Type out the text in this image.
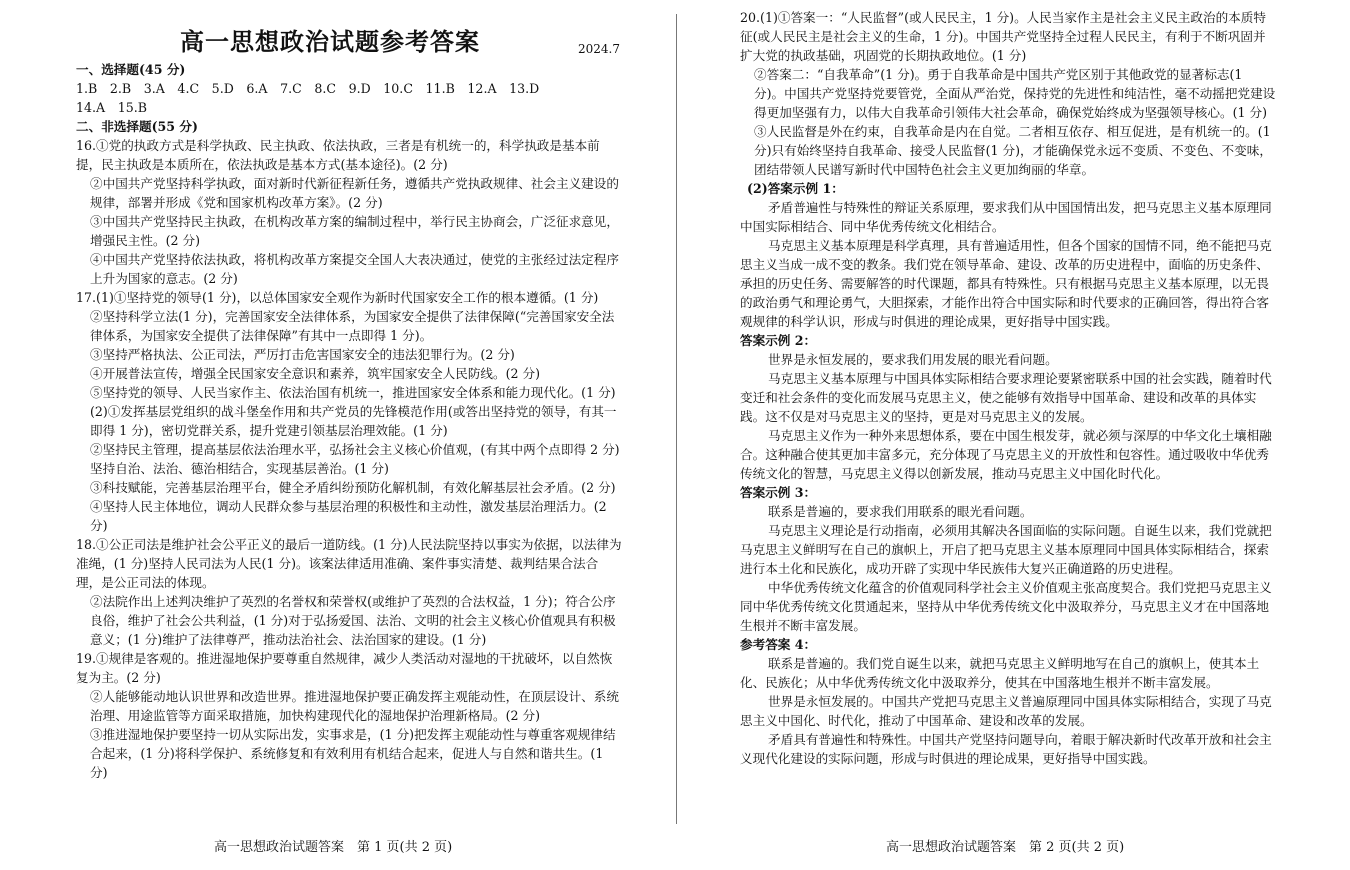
高一思想政治试题参考答案	2024.7
一、选择题(45 分)
1.B　2.B　3.A　4.C　5.D　6.A　7.C　8.C　9.D　10.C　11.B　12.A　13.D
14.A　15.B
二、非选择题(55 分)
16.①党的执政方式是科学执政、民主执政、依法执政，三者是有机统一的，科学执政是基本前提，民主执政是本质所在，依法执政是基本方式(基本途径)。(2 分)
②中国共产党坚持科学执政，面对新时代新征程新任务，遵循共产党执政规律、社会主义建设的规律，部署并形成《党和国家机构改革方案》。(2 分)
③中国共产党坚持民主执政，在机构改革方案的编制过程中，举行民主协商会，广泛征求意见，增强民主性。(2 分)
④中国共产党坚持依法执政，将机构改革方案提交全国人大表决通过，使党的主张经过法定程序上升为国家的意志。(2 分)
17.(1)①坚持党的领导(1 分)，以总体国家安全观作为新时代国家安全工作的根本遵循。(1 分)
②坚持科学立法(1 分)，完善国家安全法律体系，为国家安全提供了法律保障(“完善国家安全法律体系，为国家安全提供了法律保障”有其中一点即得 1 分)。
③坚持严格执法、公正司法，严厉打击危害国家安全的违法犯罪行为。(2 分)
④开展普法宣传，增强全民国家安全意识和素养，筑牢国家安全人民防线。(2 分)
⑤坚持党的领导、人民当家作主、依法治国有机统一，推进国家安全体系和能力现代化。(1 分)
(2)①发挥基层党组织的战斗堡垒作用和共产党员的先锋模范作用(或答出坚持党的领导，有其一即得 1 分)，密切党群关系，提升党建引领基层治理效能。(1 分)
②坚持民主管理，提高基层依法治理水平，弘扬社会主义核心价值观，(有其中两个点即得 2 分)坚持自治、法治、德治相结合，实现基层善治。(1 分)
③科技赋能，完善基层治理平台，健全矛盾纠纷预防化解机制，有效化解基层社会矛盾。(2 分)
④坚持人民主体地位，调动人民群众参与基层治理的积极性和主动性，激发基层治理活力。(2 分)
18.①公正司法是维护社会公平正义的最后一道防线。(1 分)人民法院坚持以事实为依据，以法律为准绳，(1 分)坚持人民司法为人民(1 分)。该案法律适用准确、案件事实清楚、裁判结果合法合理，是公正司法的体现。
②法院作出上述判决维护了英烈的名誉权和荣誉权(或维护了英烈的合法权益，1 分)；符合公序良俗，维护了社会公共利益，(1 分)对于弘扬爱国、法治、文明的社会主义核心价值观具有积极意义；(1 分)维护了法律尊严，推动法治社会、法治国家的建设。(1 分)
19.①规律是客观的。推进湿地保护要尊重自然规律，减少人类活动对湿地的干扰破坏，以自然恢复为主。(2 分)
②人能够能动地认识世界和改造世界。推进湿地保护要正确发挥主观能动性，在顶层设计、系统治理、用途监管等方面采取措施，加快构建现代化的湿地保护治理新格局。(2 分)
③推进湿地保护要坚持一切从实际出发，实事求是，(1 分)把发挥主观能动性与尊重客观规律结合起来，(1 分)将科学保护、系统修复和有效利用有机结合起来，促进人与自然和谐共生。(1 分)
20.(1)①答案一：“人民监督”(或人民民主，1 分)。人民当家作主是社会主义民主政治的本质特征(或人民民主是社会主义的生命，1 分)。中国共产党坚持全过程人民民主，有利于不断巩固并扩大党的执政基础，巩固党的长期执政地位。(1 分)
②答案二：“自我革命”(1 分)。勇于自我革命是中国共产党区别于其他政党的显著标志(1 分)。中国共产党坚持党要管党，全面从严治党，保持党的先进性和纯洁性，毫不动摇把党建设得更加坚强有力，以伟大自我革命引领伟大社会革命，确保党始终成为坚强领导核心。(1 分)
③人民监督是外在约束，自我革命是内在自觉。二者相互依存、相互促进，是有机统一的。(1 分)只有始终坚持自我革命、接受人民监督(1 分)，才能确保党永远不变质、不变色、不变味，团结带领人民谱写新时代中国特色社会主义更加绚丽的华章。
(2)答案示例 1：
矛盾普遍性与特殊性的辩证关系原理，要求我们从中国国情出发，把马克思主义基本原理同中国实际相结合、同中华优秀传统文化相结合。
马克思主义基本原理是科学真理，具有普遍适用性，但各个国家的国情不同，绝不能把马克思主义当成一成不变的教条。我们党在领导革命、建设、改革的历史进程中，面临的历史条件、承担的历史任务、需要解答的时代课题，都具有特殊性。只有根据马克思主义基本原理，以无畏的政治勇气和理论勇气，大胆探索，才能作出符合中国实际和时代要求的正确回答，得出符合客观规律的科学认识，形成与时俱进的理论成果，更好指导中国实践。
答案示例 2：
世界是永恒发展的，要求我们用发展的眼光看问题。
马克思主义基本原理与中国具体实际相结合要求理论要紧密联系中国的社会实践，随着时代变迁和社会条件的变化而发展马克思主义，使之能够有效指导中国革命、建设和改革的具体实践。这不仅是对马克思主义的坚持，更是对马克思主义的发展。
马克思主义作为一种外来思想体系，要在中国生根发芽，就必须与深厚的中华文化土壤相融合。这种融合使其更加丰富多元，充分体现了马克思主义的开放性和包容性。通过吸收中华优秀传统文化的智慧，马克思主义得以创新发展，推动马克思主义中国化时代化。
答案示例 3：
联系是普遍的，要求我们用联系的眼光看问题。
马克思主义理论是行动指南，必须用其解决各国面临的实际问题。自诞生以来，我们党就把马克思主义鲜明写在自己的旗帜上，开启了把马克思主义基本原理同中国具体实际相结合，探索进行本土化和民族化，成功开辟了实现中华民族伟大复兴正确道路的历史进程。
中华优秀传统文化蕴含的价值观同科学社会主义价值观主张高度契合。我们党把马克思主义同中华优秀传统文化贯通起来，坚持从中华优秀传统文化中汲取养分，马克思主义才在中国落地生根并不断丰富发展。
参考答案 4：
联系是普遍的。我们党自诞生以来，就把马克思主义鲜明地写在自己的旗帜上，使其本土化、民族化；从中华优秀传统文化中汲取养分，使其在中国落地生根并不断丰富发展。
世界是永恒发展的。中国共产党把马克思主义普遍原理同中国具体实际相结合，实现了马克思主义中国化、时代化，推动了中国革命、建设和改革的发展。
矛盾具有普遍性和特殊性。中国共产党坚持问题导向，着眼于解决新时代改革开放和社会主义现代化建设的实际问题，形成与时俱进的理论成果，更好指导中国实践。
高一思想政治试题答案　第 1 页(共 2 页)	高一思想政治试题答案　第 2 页(共 2 页)
